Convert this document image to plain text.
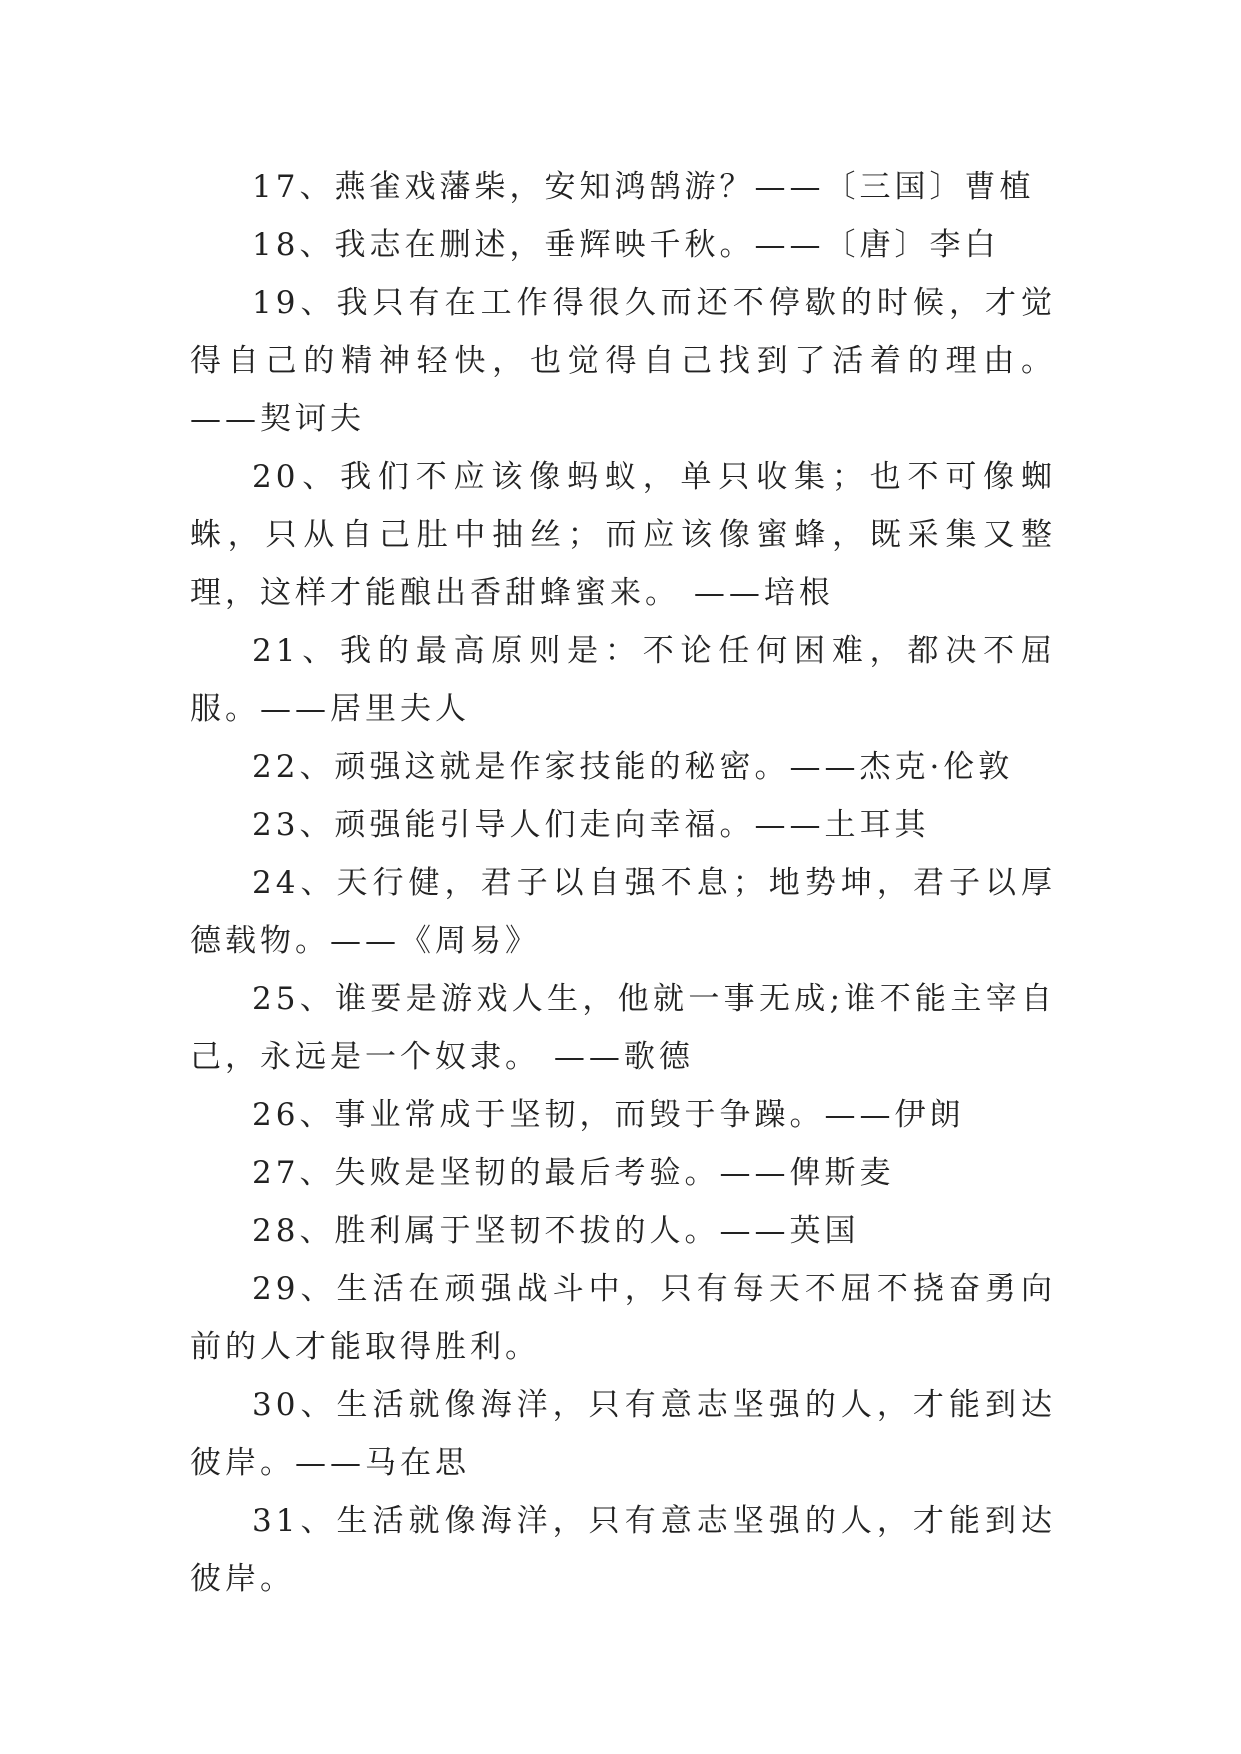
17、燕雀戏藩柴，安知鸿鹄游？——〔三国〕曹植

18、我志在删述，垂辉映千秋。——〔唐〕李白

19、我只有在工作得很久而还不停歇的时候，才觉得自己的精神轻快，也觉得自己找到了活着的理由。 ——契诃夫

20、我们不应该像蚂蚁，单只收集；也不可像蜘蛛，只从自己肚中抽丝；而应该像蜜蜂，既采集又整理，这样才能酿出香甜蜂蜜来。 ——培根

21、我的最高原则是：不论任何困难，都决不屈服。——居里夫人

22、顽强这就是作家技能的秘密。——杰克·伦敦

23、顽强能引导人们走向幸福。——土耳其

24、天行健，君子以自强不息；地势坤，君子以厚德载物。——《周易》

25、谁要是游戏人生，他就一事无成;谁不能主宰自己，永远是一个奴隶。 ——歌德

26、事业常成于坚韧，而毁于争躁。——伊朗

27、失败是坚韧的最后考验。——俾斯麦

28、胜利属于坚韧不拔的人。——英国

29、生活在顽强战斗中，只有每天不屈不挠奋勇向前的人才能取得胜利。

30、生活就像海洋，只有意志坚强的人，才能到达彼岸。——马在思

31、生活就像海洋，只有意志坚强的人，才能到达彼岸。
